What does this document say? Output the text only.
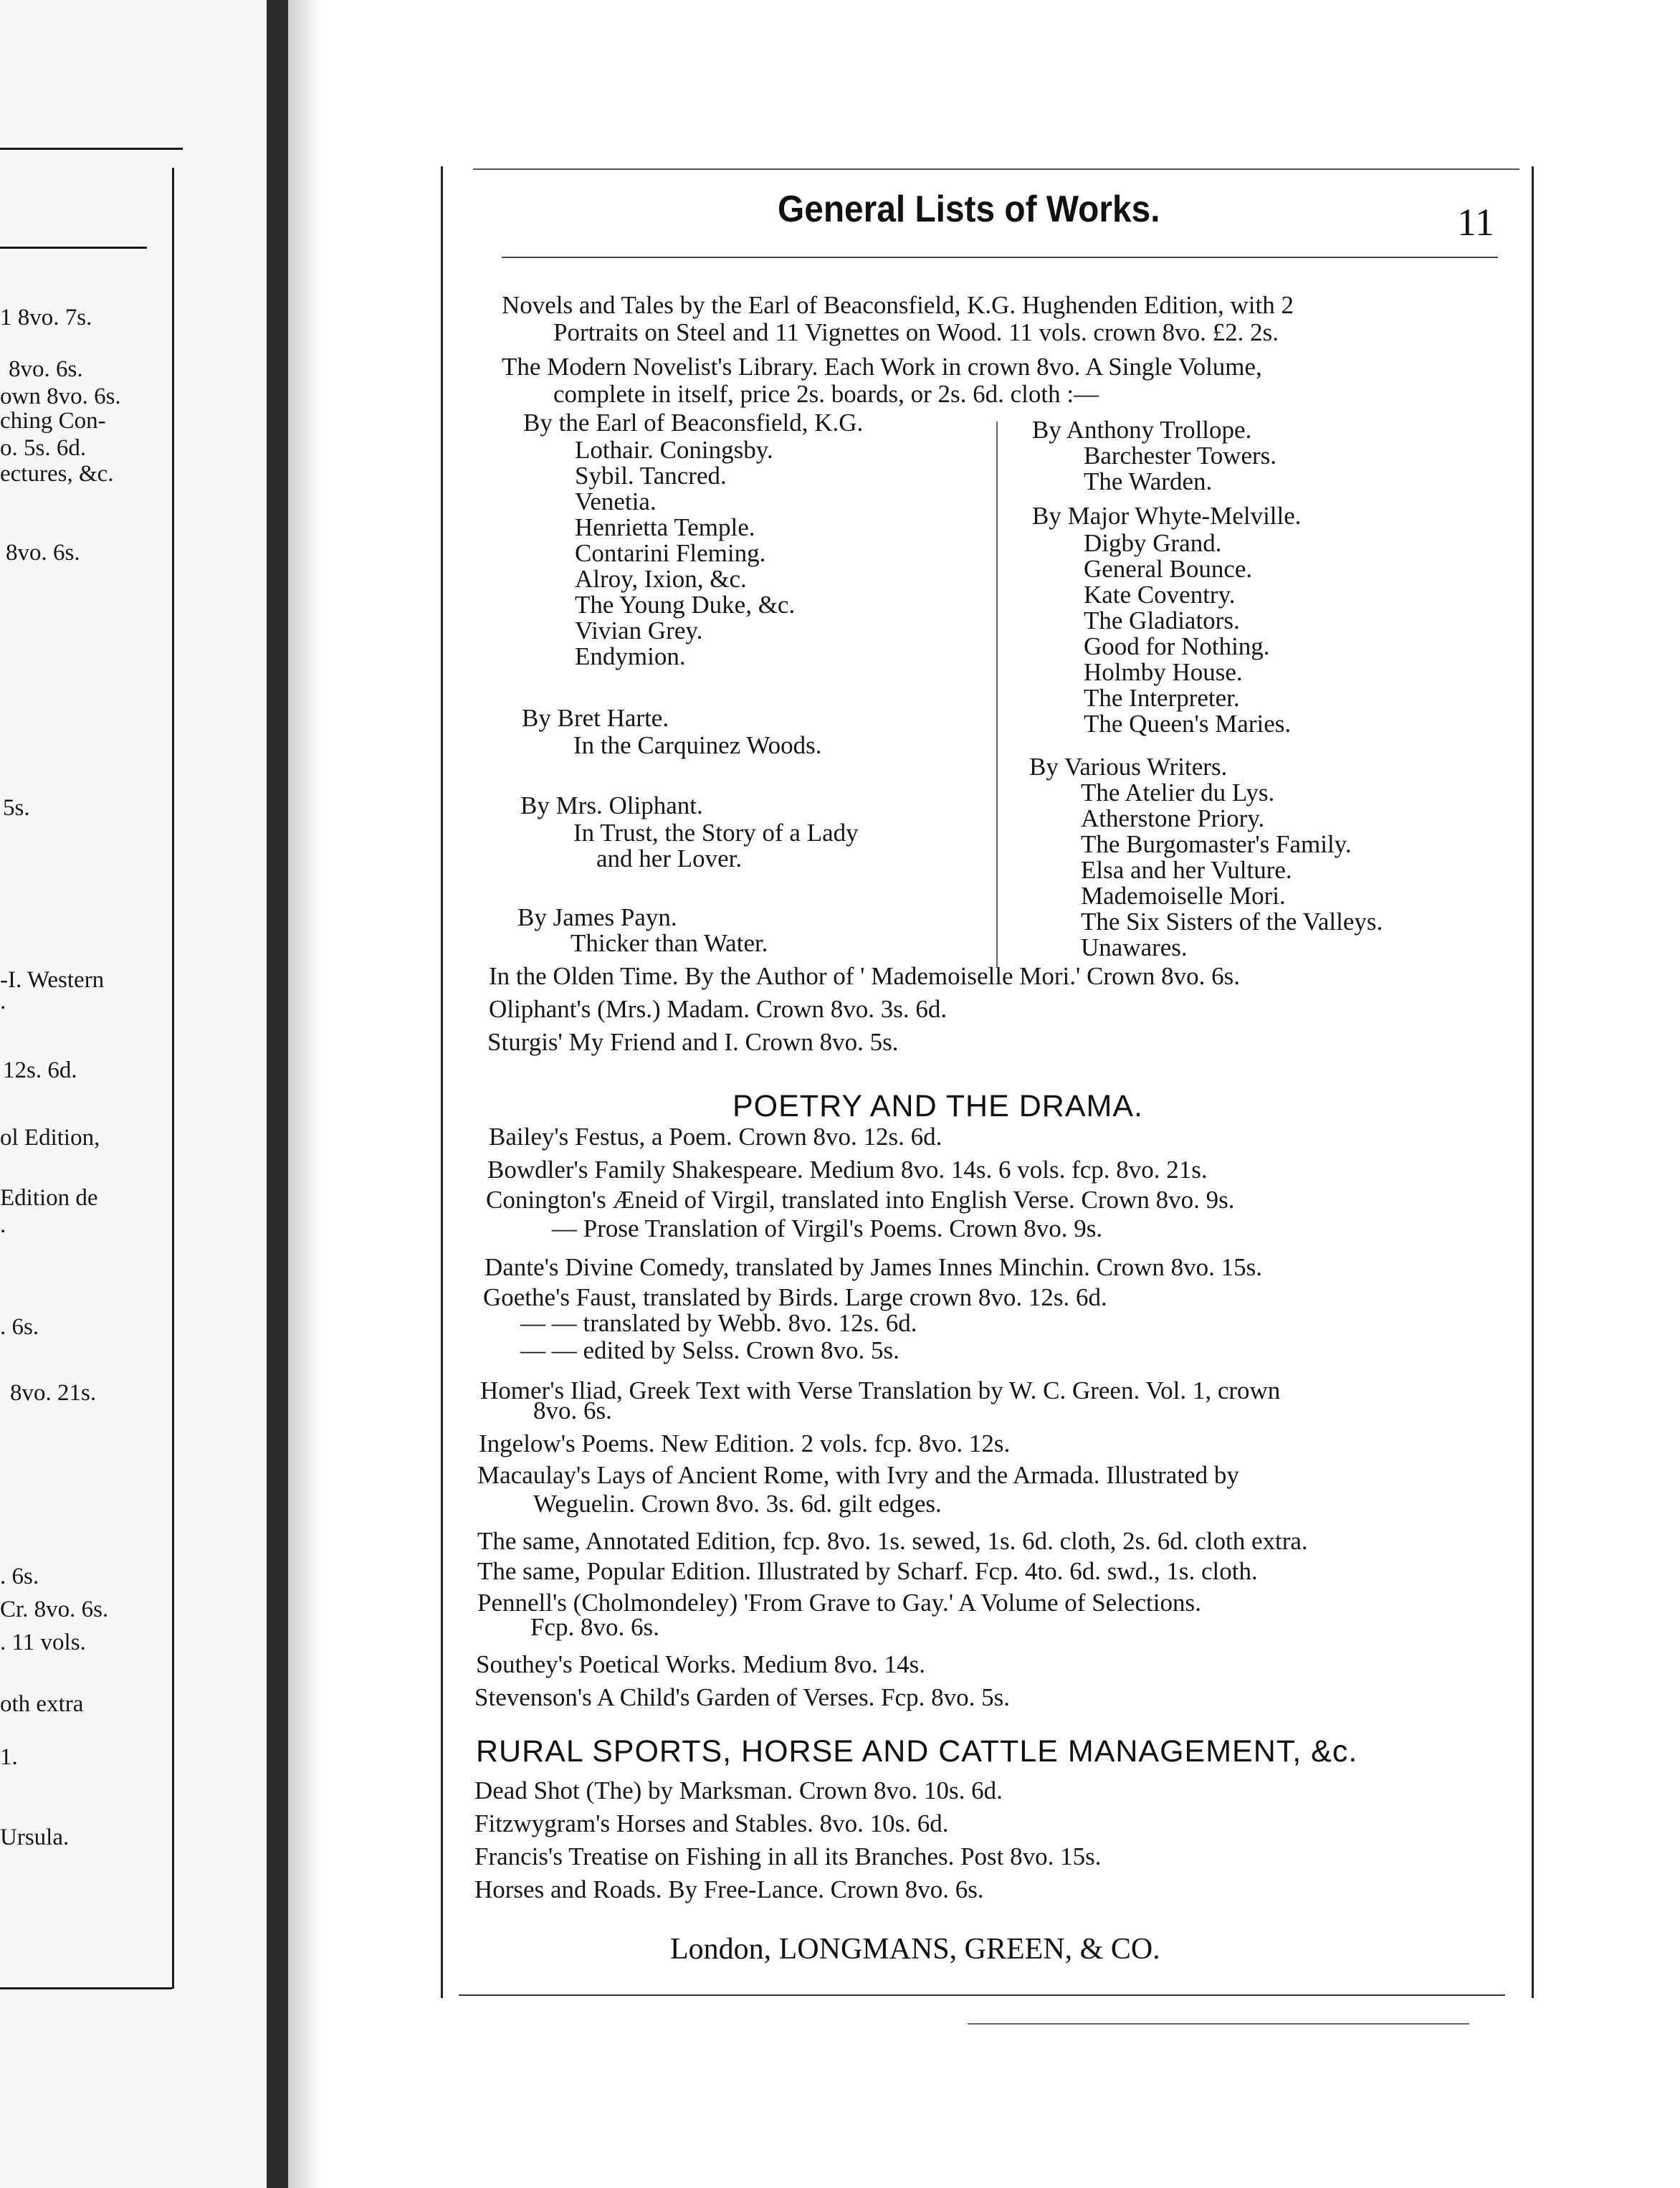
1 8vo. 7s.
8vo. 6s.
own 8vo. 6s.
ching Con-
o. 5s. 6d.
ectures, &c.
8vo. 6s.
5s.
-I. Western
.
12s. 6d.
ol Edition,
Edition de
.
. 6s.
8vo. 21s.
. 6s.
Cr. 8vo. 6s.
. 11 vols.
oth extra
1.
Ursula.
General Lists of Works.	11
Novels and Tales by the Earl of Beaconsfield, K.G. Hughenden Edition, with 2
Portraits on Steel and 11 Vignettes on Wood. 11 vols. crown 8vo. £2. 2s.
The Modern Novelist's Library. Each Work in crown 8vo. A Single Volume,
complete in itself, price 2s. boards, or 2s. 6d. cloth :—
By the Earl of Beaconsfield, K.G.
Lothair. Coningsby.
Sybil. Tancred.
Venetia.
Henrietta Temple.
Contarini Fleming.
Alroy, Ixion, &c.
The Young Duke, &c.
Vivian Grey.
Endymion.
By Bret Harte.
In the Carquinez Woods.
By Mrs. Oliphant.
In Trust, the Story of a Lady
and her Lover.
By James Payn.
Thicker than Water.
By Anthony Trollope.
Barchester Towers.
The Warden.
By Major Whyte-Melville.
Digby Grand.
General Bounce.
Kate Coventry.
The Gladiators.
Good for Nothing.
Holmby House.
The Interpreter.
The Queen's Maries.
By Various Writers.
The Atelier du Lys.
Atherstone Priory.
The Burgomaster's Family.
Elsa and her Vulture.
Mademoiselle Mori.
The Six Sisters of the Valleys.
Unawares.
In the Olden Time. By the Author of ' Mademoiselle Mori.' Crown 8vo. 6s.
Oliphant's (Mrs.) Madam. Crown 8vo. 3s. 6d.
Sturgis' My Friend and I. Crown 8vo. 5s.
POETRY AND THE DRAMA.
Bailey's Festus, a Poem. Crown 8vo. 12s. 6d.
Bowdler's Family Shakespeare. Medium 8vo. 14s. 6 vols. fcp. 8vo. 21s.
Conington's Æneid of Virgil, translated into English Verse. Crown 8vo. 9s.
— Prose Translation of Virgil's Poems. Crown 8vo. 9s.
Dante's Divine Comedy, translated by James Innes Minchin. Crown 8vo. 15s.
Goethe's Faust, translated by Birds. Large crown 8vo. 12s. 6d.
— — translated by Webb. 8vo. 12s. 6d.
— — edited by Selss. Crown 8vo. 5s.
Homer's Iliad, Greek Text with Verse Translation by W. C. Green. Vol. 1, crown
8vo. 6s.
Ingelow's Poems. New Edition. 2 vols. fcp. 8vo. 12s.
Macaulay's Lays of Ancient Rome, with Ivry and the Armada. Illustrated by
Weguelin. Crown 8vo. 3s. 6d. gilt edges.
The same, Annotated Edition, fcp. 8vo. 1s. sewed, 1s. 6d. cloth, 2s. 6d. cloth extra.
The same, Popular Edition. Illustrated by Scharf. Fcp. 4to. 6d. swd., 1s. cloth.
Pennell's (Cholmondeley) 'From Grave to Gay.' A Volume of Selections.
Fcp. 8vo. 6s.
Southey's Poetical Works. Medium 8vo. 14s.
Stevenson's A Child's Garden of Verses. Fcp. 8vo. 5s.
RURAL SPORTS, HORSE AND CATTLE MANAGEMENT, &c.
Dead Shot (The) by Marksman. Crown 8vo. 10s. 6d.
Fitzwygram's Horses and Stables. 8vo. 10s. 6d.
Francis's Treatise on Fishing in all its Branches. Post 8vo. 15s.
Horses and Roads. By Free-Lance. Crown 8vo. 6s.
London, LONGMANS, GREEN, & CO.
